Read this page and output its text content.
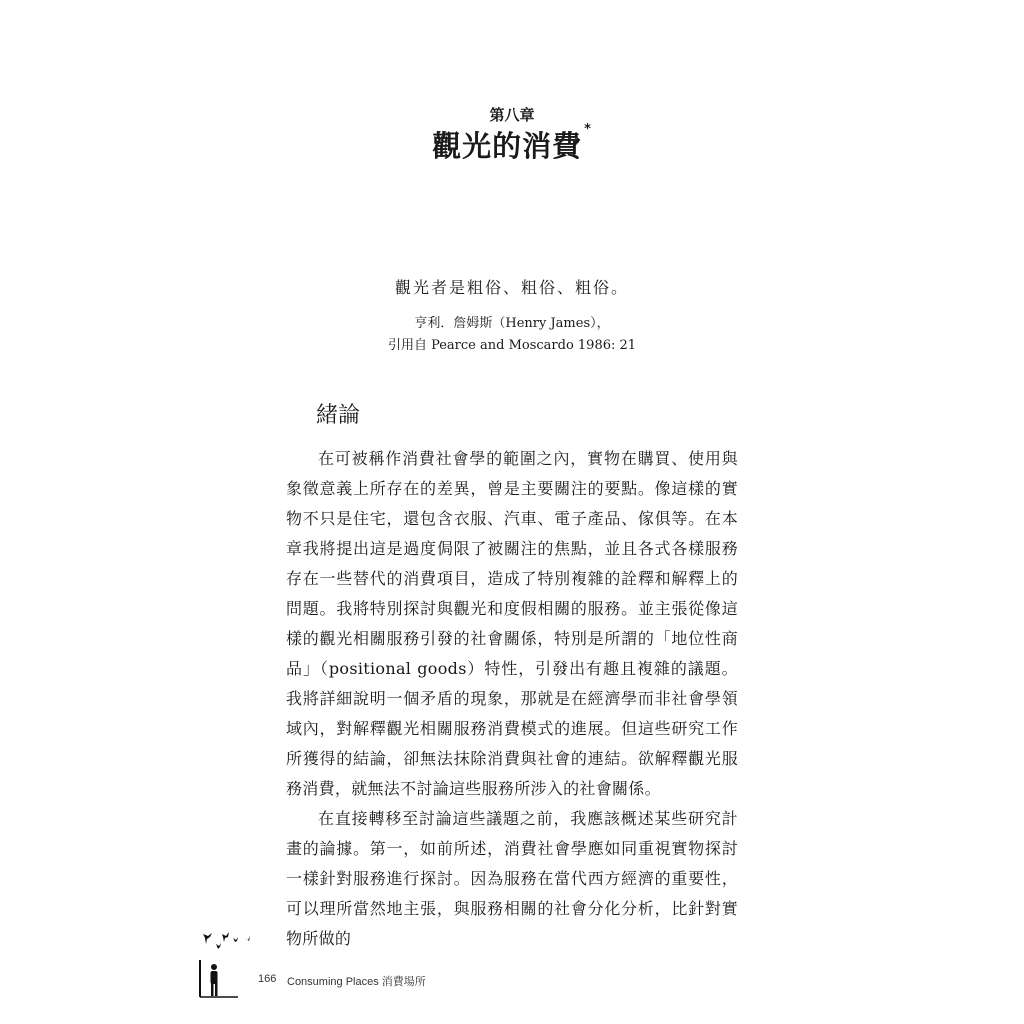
第八章
觀光的消費 *
觀光者是粗俗、粗俗、粗俗。
亨利．詹姆斯（Henry James），
引用自 Pearce and Moscardo 1986: 21
緒論

在可被稱作消費社會學的範圍之內，實物在購買、使用與象徵意義上所存在的差異，曾是主要關注的要點。像這樣的實物不只是住宅，還包含衣服、汽車、電子產品、傢俱等。在本章我將提出這是過度侷限了被關注的焦點，並且各式各樣服務存在一些替代的消費項目，造成了特別複雜的詮釋和解釋上的問題。我將特別探討與觀光和度假相關的服務。並主張從像這樣的觀光相關服務引發的社會關係，特別是所謂的「地位性商品」（positional goods）特性，引發出有趣且複雜的議題。我將詳細說明一個矛盾的現象，那就是在經濟學而非社會學領域內，對解釋觀光相關服務消費模式的進展。但這些研究工作所獲得的結論，卻無法抹除消費與社會的連結。欲解釋觀光服務消費，就無法不討論這些服務所涉入的社會關係。

在直接轉移至討論這些議題之前，我應該概述某些研究計畫的論據。第一，如前所述，消費社會學應如同重視實物探討一樣針對服務進行探討。因為服務在當代西方經濟的重要性，可以理所當然地主張，與服務相關的社會分化分析，比針對實物所做的

166 Consuming Places 消費場所
